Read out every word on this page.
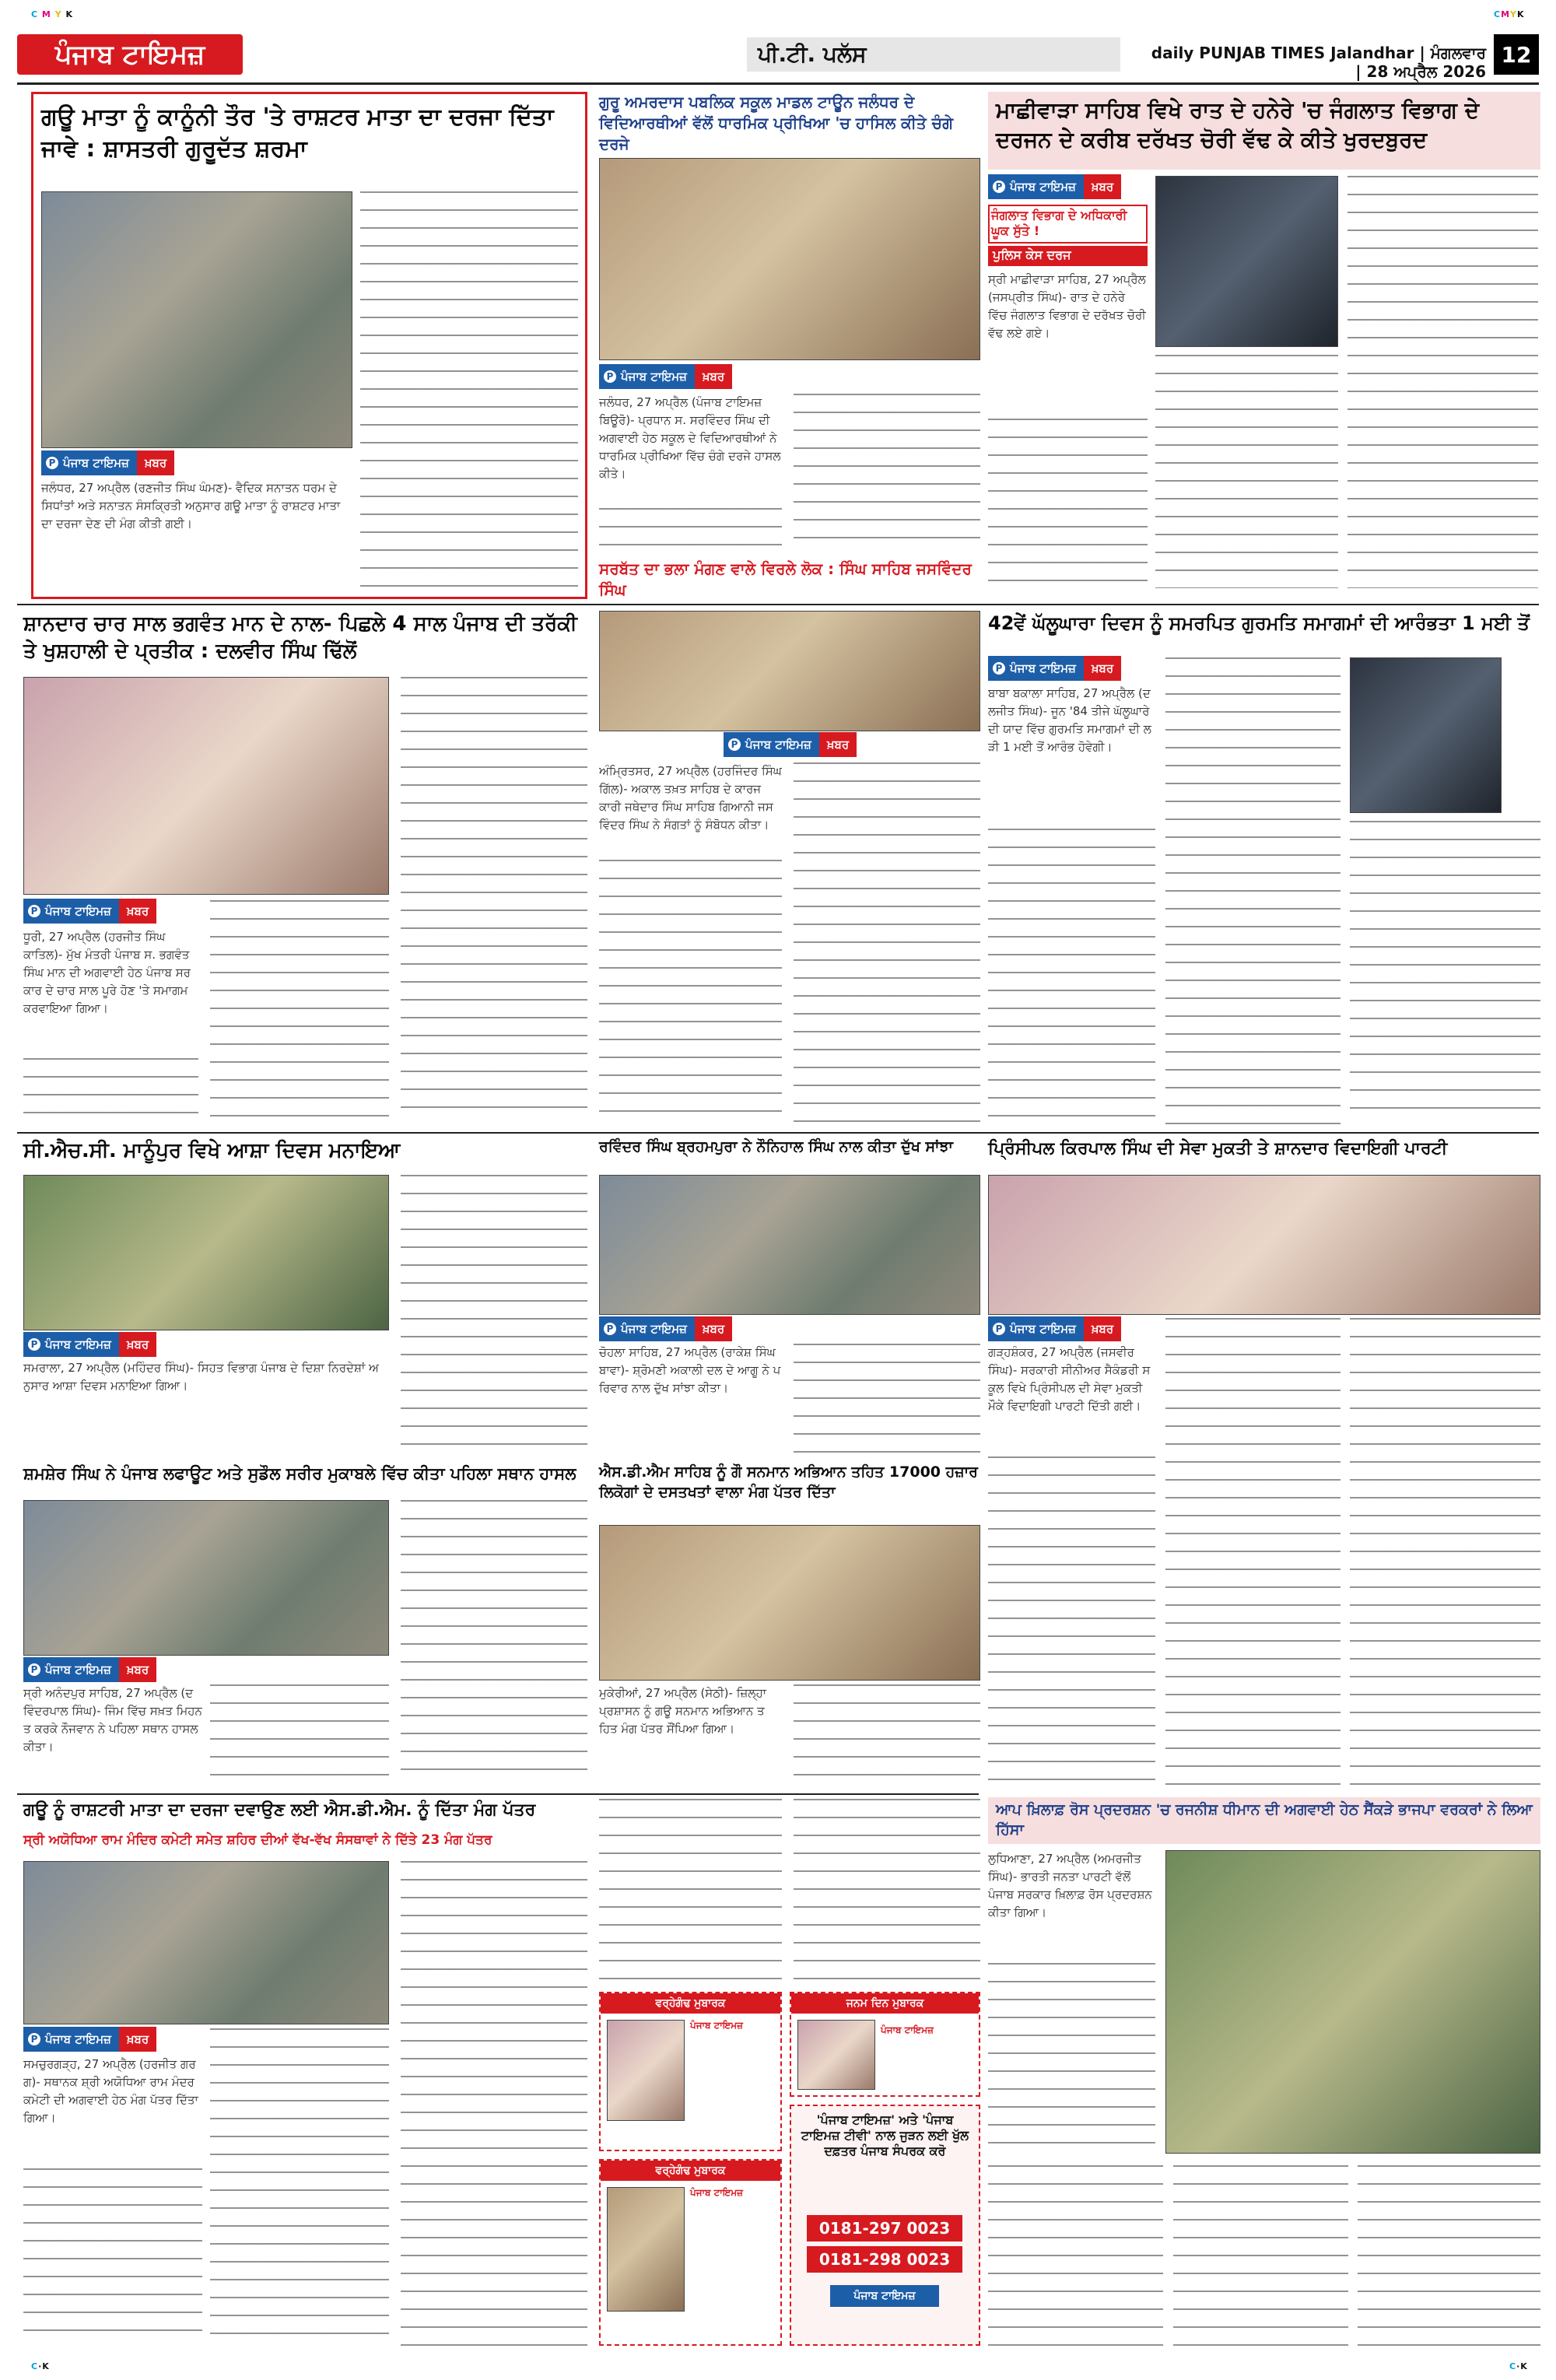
C M Y K	CMYK
ਪੰਜਾਬ ਟਾਇਮਜ਼	ਪੀ.ਟੀ. ਪਲੱਸ	daily PUNJAB TIMES Jalandhar | ਮੰਗਲਵਾਰ | 28 ਅਪ੍ਰੈਲ 2026
12
ਗਊ ਮਾਤਾ ਨੂੰ ਕਾਨੂੰਨੀ ਤੌਰ 'ਤੇ ਰਾਸ਼ਟਰ ਮਾਤਾ ਦਾ ਦਰਜਾ ਦਿੱਤਾ ਜਾਵੇ : ਸ਼ਾਸਤਰੀ ਗੁਰੂਦੱਤ ਸ਼ਰਮਾ
P ਪੰਜਾਬ ਟਾਇਮਜ਼	ਖ਼ਬਰ
ਜਲੰਧਰ, 27 ਅਪ੍ਰੈਲ (ਰਣਜੀਤ ਸਿੰਘ ਘੰਮਣ)- ਵੈਦਿਕ ਸਨਾਤਨ ਧਰਮ ਦੇ ਸਿਧਾਂਤਾਂ ਅਤੇ ਸਨਾਤਨ ਸੰਸਕ੍ਰਿਤੀ ਅਨੁਸਾਰ ਗਊ ਮਾਤਾ ਨੂੰ ਰਾਸ਼ਟਰ ਮਾਤਾ ਦਾ ਦਰਜਾ ਦੇਣ ਦੀ ਮੰਗ ਕੀਤੀ ਗਈ।
ਗੁਰੂ ਅਮਰਦਾਸ ਪਬਲਿਕ ਸਕੂਲ ਮਾਡਲ ਟਾਊਨ ਜਲੰਧਰ ਦੇ ਵਿਦਿਆਰਥੀਆਂ ਵੱਲੋਂ ਧਾਰਮਿਕ ਪ੍ਰੀਖਿਆ 'ਚ ਹਾਸਿਲ ਕੀਤੇ ਚੰਗੇ ਦਰਜੇ
P ਪੰਜਾਬ ਟਾਇਮਜ਼	ਖ਼ਬਰ
ਜਲੰਧਰ, 27 ਅਪ੍ਰੈਲ (ਪੰਜਾਬ ਟਾਇਮਜ਼ ਬਿਊਰੋ)- ਪ੍ਰਧਾਨ ਸ. ਸਰਵਿੰਦਰ ਸਿੰਘ ਦੀ ਅਗਵਾਈ ਹੇਠ ਸਕੂਲ ਦੇ ਵਿਦਿਆਰਥੀਆਂ ਨੇ ਧਾਰਮਿਕ ਪ੍ਰੀਖਿਆ ਵਿੱਚ ਚੰਗੇ ਦਰਜੇ ਹਾਸਲ ਕੀਤੇ।
ਸਰਬੱਤ ਦਾ ਭਲਾ ਮੰਗਣ ਵਾਲੇ ਵਿਰਲੇ ਲੋਕ : ਸਿੰਘ ਸਾਹਿਬ ਜਸਵਿੰਦਰ ਸਿੰਘ
ਮਾਛੀਵਾੜਾ ਸਾਹਿਬ ਵਿਖੇ ਰਾਤ ਦੇ ਹਨੇਰੇ 'ਚ ਜੰਗਲਾਤ ਵਿਭਾਗ ਦੇ ਦਰਜਨ ਦੇ ਕਰੀਬ ਦਰੱਖਤ ਚੋਰੀ ਵੱਢ ਕੇ ਕੀਤੇ ਖੁਰਦਬੁਰਦ
P ਪੰਜਾਬ ਟਾਇਮਜ਼	ਖ਼ਬਰ
ਜੰਗਲਾਤ ਵਿਭਾਗ ਦੇ ਅਧਿਕਾਰੀ ਘੂਕ ਸੁੱਤੇ !
ਪੁਲਿਸ ਕੇਸ ਦਰਜ
ਸ੍ਰੀ ਮਾਛੀਵਾੜਾ ਸਾਹਿਬ, 27 ਅਪ੍ਰੈਲ (ਜਸਪ੍ਰੀਤ ਸਿੰਘ)- ਰਾਤ ਦੇ ਹਨੇਰੇ ਵਿੱਚ ਜੰਗਲਾਤ ਵਿਭਾਗ ਦੇ ਦਰੱਖਤ ਚੋਰੀ ਵੱਢ ਲਏ ਗਏ।
ਸ਼ਾਨਦਾਰ ਚਾਰ ਸਾਲ ਭਗਵੰਤ ਮਾਨ ਦੇ ਨਾਲ- ਪਿਛਲੇ 4 ਸਾਲ ਪੰਜਾਬ ਦੀ ਤਰੱਕੀ ਤੇ ਖੁਸ਼ਹਾਲੀ ਦੇ ਪ੍ਰਤੀਕ : ਦਲਵੀਰ ਸਿੰਘ ਢਿੱਲੋਂ
P ਪੰਜਾਬ ਟਾਇਮਜ਼	ਖ਼ਬਰ
ਧੂਰੀ, 27 ਅਪ੍ਰੈਲ (ਹਰਜੀਤ ਸਿੰਘ ਕਾਤਿਲ)- ਮੁੱਖ ਮੰਤਰੀ ਪੰਜਾਬ ਸ. ਭਗਵੰਤ ਸਿੰਘ ਮਾਨ ਦੀ ਅਗਵਾਈ ਹੇਠ ਪੰਜਾਬ ਸਰਕਾਰ ਦੇ ਚਾਰ ਸਾਲ ਪੂਰੇ ਹੋਣ 'ਤੇ ਸਮਾਗਮ ਕਰਵਾਇਆ ਗਿਆ।
P ਪੰਜਾਬ ਟਾਇਮਜ਼	ਖ਼ਬਰ
ਅੰਮ੍ਰਿਤਸਰ, 27 ਅਪ੍ਰੈਲ (ਹਰਜਿੰਦਰ ਸਿੰਘ ਗਿੱਲ)- ਅਕਾਲ ਤਖ਼ਤ ਸਾਹਿਬ ਦੇ ਕਾਰਜਕਾਰੀ ਜਥੇਦਾਰ ਸਿੰਘ ਸਾਹਿਬ ਗਿਆਨੀ ਜਸਵਿੰਦਰ ਸਿੰਘ ਨੇ ਸੰਗਤਾਂ ਨੂੰ ਸੰਬੋਧਨ ਕੀਤਾ।
42ਵੇਂ ਘੱਲੂਘਾਰਾ ਦਿਵਸ ਨੂੰ ਸਮਰਪਿਤ ਗੁਰਮਤਿ ਸਮਾਗਮਾਂ ਦੀ ਆਰੰਭਤਾ 1 ਮਈ ਤੋਂ
P ਪੰਜਾਬ ਟਾਇਮਜ਼	ਖ਼ਬਰ
ਬਾਬਾ ਬਕਾਲਾ ਸਾਹਿਬ, 27 ਅਪ੍ਰੈਲ (ਦਲਜੀਤ ਸਿੰਘ)- ਜੂਨ '84 ਤੀਜੇ ਘੱਲੂਘਾਰੇ ਦੀ ਯਾਦ ਵਿੱਚ ਗੁਰਮਤਿ ਸਮਾਗਮਾਂ ਦੀ ਲੜੀ 1 ਮਈ ਤੋਂ ਆਰੰਭ ਹੋਵੇਗੀ।
ਸੀ.ਐਚ.ਸੀ. ਮਾਨੂੰਪੁਰ ਵਿਖੇ ਆਸ਼ਾ ਦਿਵਸ ਮਨਾਇਆ
P ਪੰਜਾਬ ਟਾਇਮਜ਼	ਖ਼ਬਰ
ਸਮਰਾਲਾ, 27 ਅਪ੍ਰੈਲ (ਮਹਿੰਦਰ ਸਿੰਘ)- ਸਿਹਤ ਵਿਭਾਗ ਪੰਜਾਬ ਦੇ ਦਿਸ਼ਾ ਨਿਰਦੇਸ਼ਾਂ ਅਨੁਸਾਰ ਆਸ਼ਾ ਦਿਵਸ ਮਨਾਇਆ ਗਿਆ।
ਰਵਿੰਦਰ ਸਿੰਘ ਬ੍ਰਹਮਪੁਰਾ ਨੇ ਨੌਨਿਹਾਲ ਸਿੰਘ ਨਾਲ ਕੀਤਾ ਦੁੱਖ ਸਾਂਝਾ
P ਪੰਜਾਬ ਟਾਇਮਜ਼	ਖ਼ਬਰ
ਚੋਹਲਾ ਸਾਹਿਬ, 27 ਅਪ੍ਰੈਲ (ਰਾਕੇਸ਼ ਸਿੰਘ ਬਾਵਾ)- ਸ਼੍ਰੋਮਣੀ ਅਕਾਲੀ ਦਲ ਦੇ ਆਗੂ ਨੇ ਪਰਿਵਾਰ ਨਾਲ ਦੁੱਖ ਸਾਂਝਾ ਕੀਤਾ।
ਪ੍ਰਿੰਸੀਪਲ ਕਿਰਪਾਲ ਸਿੰਘ ਦੀ ਸੇਵਾ ਮੁਕਤੀ ਤੇ ਸ਼ਾਨਦਾਰ ਵਿਦਾਇਗੀ ਪਾਰਟੀ
P ਪੰਜਾਬ ਟਾਇਮਜ਼	ਖ਼ਬਰ
ਗੜ੍ਹਸ਼ੰਕਰ, 27 ਅਪ੍ਰੈਲ (ਜਸਵੀਰ ਸਿੰਘ)- ਸਰਕਾਰੀ ਸੀਨੀਅਰ ਸੈਕੰਡਰੀ ਸਕੂਲ ਵਿਖੇ ਪ੍ਰਿੰਸੀਪਲ ਦੀ ਸੇਵਾ ਮੁਕਤੀ ਮੌਕੇ ਵਿਦਾਇਗੀ ਪਾਰਟੀ ਦਿੱਤੀ ਗਈ।
ਸ਼ਮਸ਼ੇਰ ਸਿੰਘ ਨੇ ਪੰਜਾਬ ਲਫਾਊਟ ਅਤੇ ਸੁਡੌਲ ਸਰੀਰ ਮੁਕਾਬਲੇ ਵਿੱਚ ਕੀਤਾ ਪਹਿਲਾ ਸਥਾਨ ਹਾਸਲ
P ਪੰਜਾਬ ਟਾਇਮਜ਼	ਖ਼ਬਰ
ਸ੍ਰੀ ਅਨੰਦਪੁਰ ਸਾਹਿਬ, 27 ਅਪ੍ਰੈਲ (ਦਵਿੰਦਰਪਾਲ ਸਿੰਘ)- ਜਿੰਮ ਵਿੱਚ ਸਖ਼ਤ ਮਿਹਨਤ ਕਰਕੇ ਨੌਜਵਾਨ ਨੇ ਪਹਿਲਾ ਸਥਾਨ ਹਾਸਲ ਕੀਤਾ।
ਐਸ.ਡੀ.ਐਮ ਸਾਹਿਬ ਨੂੰ ਗੌ ਸਨਮਾਨ ਅਭਿਆਨ ਤਹਿਤ 17000 ਹਜ਼ਾਰ ਲਿਕੋਗਾਂ ਦੇ ਦਸਤਖਤਾਂ ਵਾਲਾ ਮੰਗ ਪੱਤਰ ਦਿੱਤਾ
ਮੁਕੇਰੀਆਂ, 27 ਅਪ੍ਰੈਲ (ਸੇਠੀ)- ਜ਼ਿਲ੍ਹਾ ਪ੍ਰਸ਼ਾਸਨ ਨੂੰ ਗਊ ਸਨਮਾਨ ਅਭਿਆਨ ਤਹਿਤ ਮੰਗ ਪੱਤਰ ਸੌਂਪਿਆ ਗਿਆ।
ਗਊ ਨੂੰ ਰਾਸ਼ਟਰੀ ਮਾਤਾ ਦਾ ਦਰਜਾ ਦਵਾਉਣ ਲਈ ਐਸ.ਡੀ.ਐਮ. ਨੂੰ ਦਿੱਤਾ ਮੰਗ ਪੱਤਰ
ਸ੍ਰੀ ਅਯੋਧਿਆ ਰਾਮ ਮੰਦਿਰ ਕਮੇਟੀ ਸਮੇਤ ਸ਼ਹਿਰ ਦੀਆਂ ਵੱਖ-ਵੱਖ ਸੰਸਥਾਵਾਂ ਨੇ ਦਿੱਤੇ 23 ਮੰਗ ਪੱਤਰ
P ਪੰਜਾਬ ਟਾਇਮਜ਼	ਖ਼ਬਰ
ਸਮਚੁਰਗੜ੍ਹ, 27 ਅਪ੍ਰੈਲ (ਹਰਜੀਤ ਗਰਗ)- ਸਥਾਨਕ ਸ਼੍ਰੀ ਅਯੋਧਿਆ ਰਾਮ ਮੰਦਰ ਕਮੇਟੀ ਦੀ ਅਗਵਾਈ ਹੇਠ ਮੰਗ ਪੱਤਰ ਦਿੱਤਾ ਗਿਆ।
ਵਰ੍ਹੇਗੰਢ ਮੁਬਾਰਕ
ਪੰਜਾਬ ਟਾਇਮਜ਼
ਜਨਮ ਦਿਨ ਮੁਬਾਰਕ
ਪੰਜਾਬ ਟਾਇਮਜ਼
'ਪੰਜਾਬ ਟਾਇਮਜ਼' ਅਤੇ 'ਪੰਜਾਬ ਟਾਇਮਜ਼ ਟੀਵੀ' ਨਾਲ ਜੁੜਨ ਲਈ ਖੁੱਲ ਦਫ਼ਤਰ ਪੰਜਾਬ ਸੰਪਰਕ ਕਰੋ
0181-297 0023
0181-298 0023
ਪੰਜਾਬ ਟਾਇਮਜ਼
ਵਰ੍ਹੇਗੰਢ ਮੁਬਾਰਕ
ਪੰਜਾਬ ਟਾਇਮਜ਼
ਆਪ ਖ਼ਿਲਾਫ਼ ਰੋਸ ਪ੍ਰਦਰਸ਼ਨ 'ਚ ਰਜਨੀਸ਼ ਧੀਮਾਨ ਦੀ ਅਗਵਾਈ ਹੇਠ ਸੈਂਕੜੇ ਭਾਜਪਾ ਵਰਕਰਾਂ ਨੇ ਲਿਆ ਹਿੱਸਾ
ਲੁਧਿਆਣਾ, 27 ਅਪ੍ਰੈਲ (ਅਮਰਜੀਤ ਸਿੰਘ)- ਭਾਰਤੀ ਜਨਤਾ ਪਾਰਟੀ ਵੱਲੋਂ ਪੰਜਾਬ ਸਰਕਾਰ ਖ਼ਿਲਾਫ਼ ਰੋਸ ਪ੍ਰਦਰਸ਼ਨ ਕੀਤਾ ਗਿਆ।
C·K	C·K
